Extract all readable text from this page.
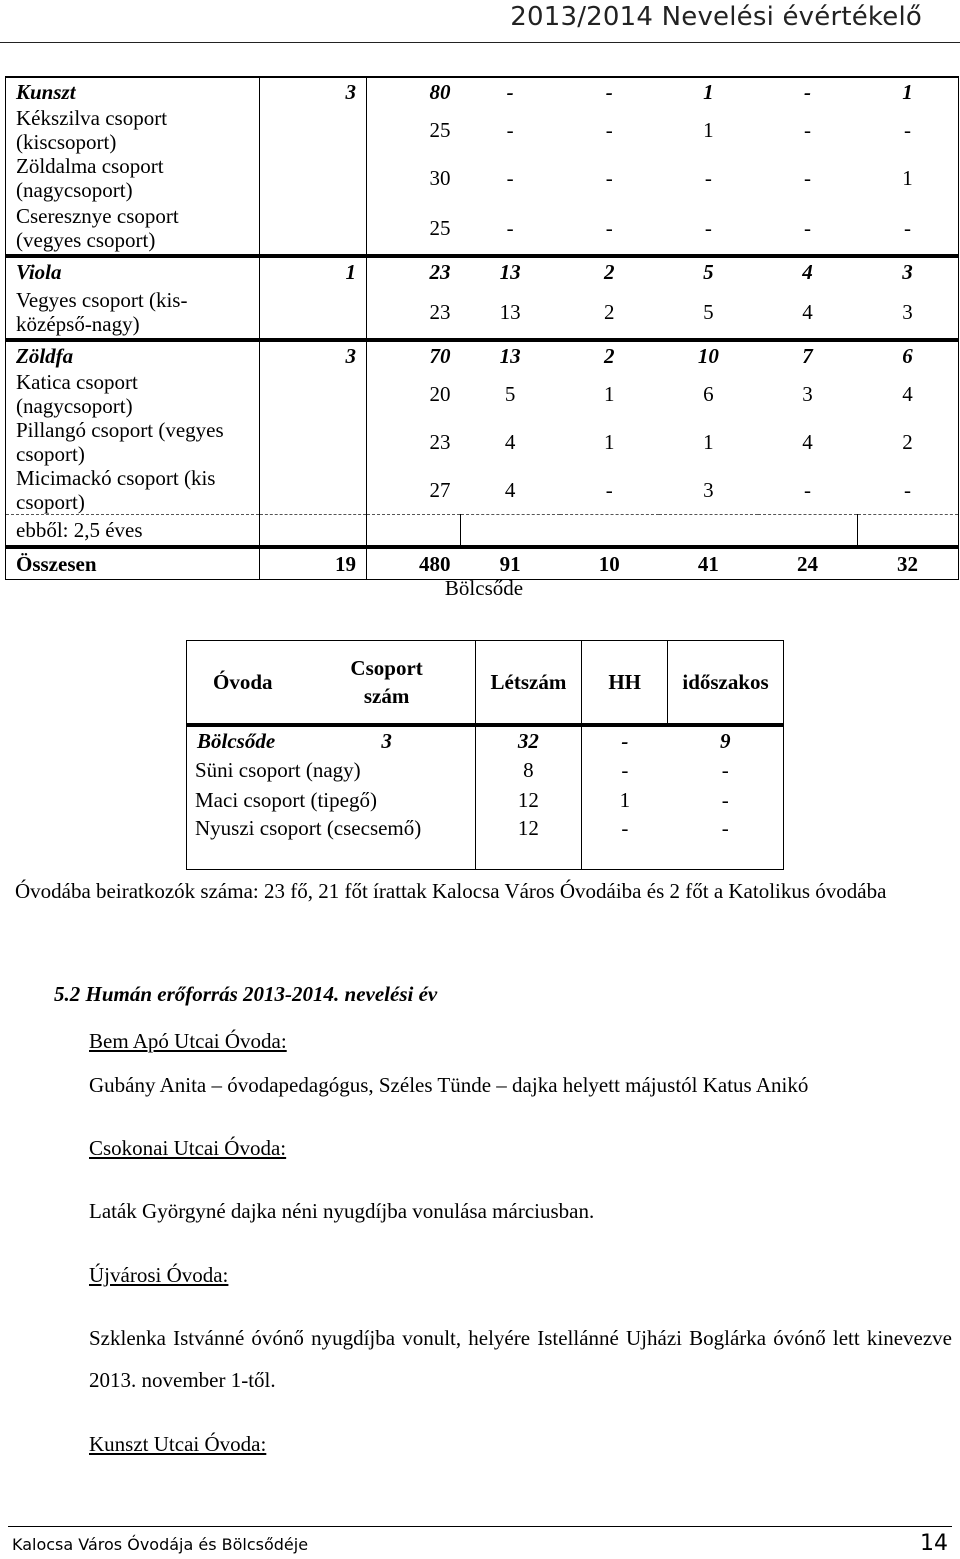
2013/2014 Nevelési évértékelő
Kunszt	3	80	-	-	1	-	1
Kékszilva csoport (kiscsoport)		25	-	-	1	-	-
Zöldalma csoport (nagycsoport)		30	-	-	-	-	1
Cseresznye csoport (vegyes csoport)		25	-	-	-	-	-
Viola	1	23	13	2	5	4	3
Vegyes csoport (kis-középső-nagy)		23	13	2	5	4	3
Zöldfa	3	70	13	2	10	7	6
Katica csoport (nagycsoport)		20	5	1	6	3	4
Pillangó csoport (vegyes csoport)		23	4	1	1	4	2
Micimackó csoport (kis csoport)		27	4	-	3	-	-
ebből: 2,5 éves							
Összesen	19	480	91	10	41	24	32
Bölcsőde
Óvoda	Csoport szám	Létszám	HH	időszakos
Bölcsőde	3	32	-	9
Süni csoport (nagy)		8	-	-
Maci csoport (tipegő)		12	1	-
Nyuszi csoport (csecsemő)		12	-	-
Óvodába beiratkozók száma: 23 fő, 21 főt írattak Kalocsa Város Óvodáiba és 2 főt a Katolikus óvodába
5.2 Humán erőforrás 2013-2014. nevelési év
Bem Apó Utcai Óvoda:
Gubány Anita – óvodapedagógus, Széles Tünde – dajka helyett májustól Katus Anikó
Csokonai Utcai Óvoda:
Laták Györgyné dajka néni nyugdíjba vonulása márciusban.
Újvárosi Óvoda:
Szklenka Istvánné óvónő nyugdíjba vonult, helyére Istellánné Ujházi Boglárka óvónő lett kinevezve 2013. november 1-től.
Kunszt Utcai Óvoda:
Kalocsa Város Óvodája és Bölcsődéje	14
